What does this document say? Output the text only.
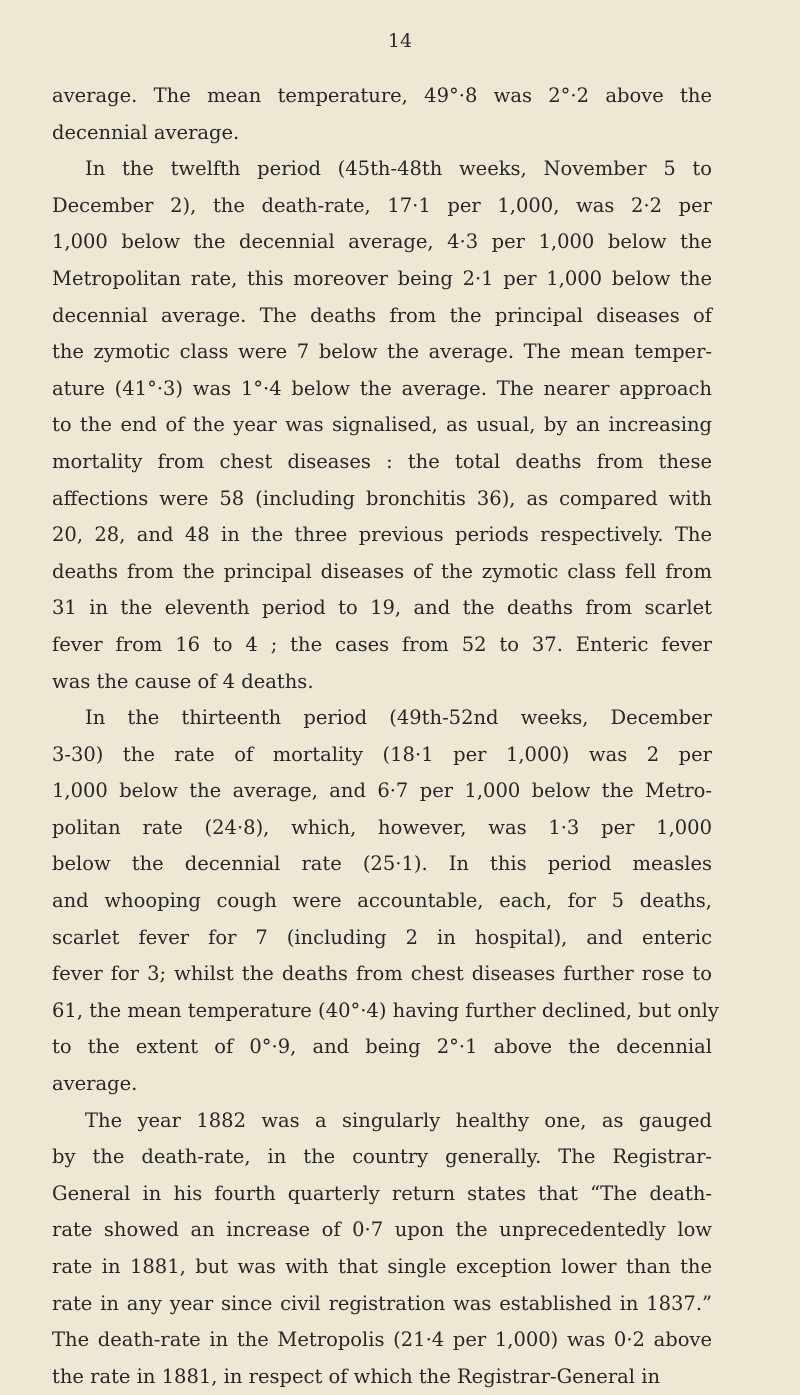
14
average. The mean temperature, 49°·8 was 2°·2 above the
decennial average.
In the twelfth period (45th-48th weeks, November 5 to
December 2), the death-rate, 17·1 per 1,000, was 2·2 per
1,000 below the decennial average, 4·3 per 1,000 below the
Metropolitan rate, this moreover being 2·1 per 1,000 below the
decennial average. The deaths from the principal diseases of
the zymotic class were 7 below the average. The mean temper-
ature (41°·3) was 1°·4 below the average. The nearer approach
to the end of the year was signalised, as usual, by an increasing
mortality from chest diseases : the total deaths from these
affections were 58 (including bronchitis 36), as compared with
20, 28, and 48 in the three previous periods respectively. The
deaths from the principal diseases of the zymotic class fell from
31 in the eleventh period to 19, and the deaths from scarlet
fever from 16 to 4 ; the cases from 52 to 37. Enteric fever
was the cause of 4 deaths.
In the thirteenth period (49th-52nd weeks, December
3-30) the rate of mortality (18·1 per 1,000) was 2 per
1,000 below the average, and 6·7 per 1,000 below the Metro-
politan rate (24·8), which, however, was 1·3 per 1,000
below the decennial rate (25·1). In this period measles
and whooping cough were accountable, each, for 5 deaths,
scarlet fever for 7 (including 2 in hospital), and enteric
fever for 3; whilst the deaths from chest diseases further rose to
61, the mean temperature (40°·4) having further declined, but only
to the extent of 0°·9, and being 2°·1 above the decennial
average.
The year 1882 was a singularly healthy one, as gauged
by the death-rate, in the country generally. The Registrar-
General in his fourth quarterly return states that “The death-
rate showed an increase of 0·7 upon the unprecedentedly low
rate in 1881, but was with that single exception lower than the
rate in any year since civil registration was established in 1837.”
The death-rate in the Metropolis (21·4 per 1,000) was 0·2 above
the rate in 1881, in respect of which the Registrar-General in
